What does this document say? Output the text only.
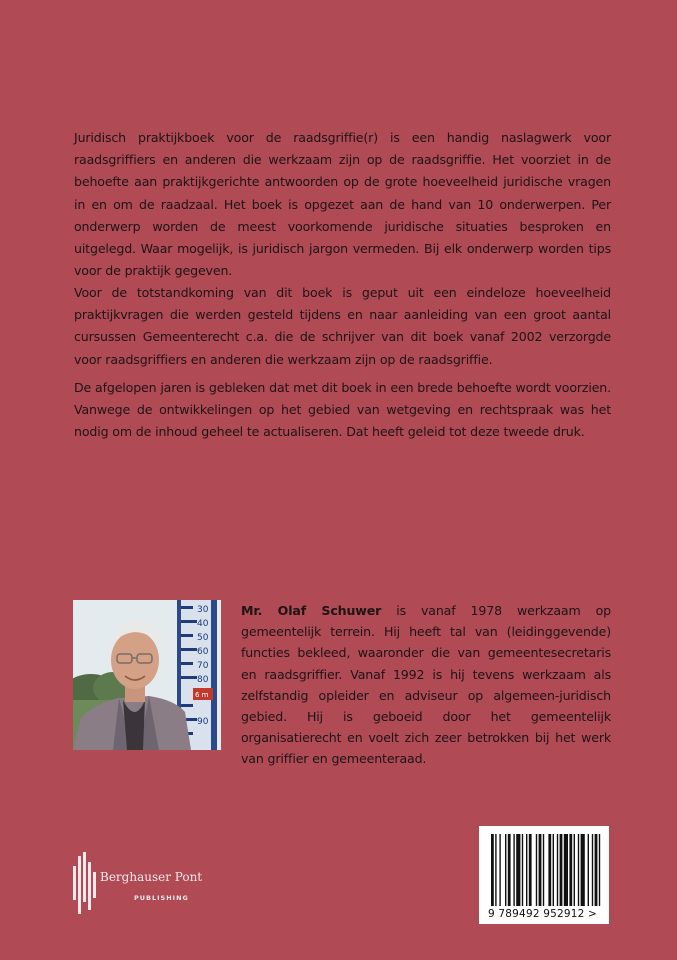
Juridisch praktijkboek voor de raadsgriffie(r) is een handig naslagwerk voor raadsgriffiers en anderen die werkzaam zijn op de raadsgriffie. Het voorziet in de behoefte aan praktijkgerichte antwoorden op de grote hoeveelheid juridische vragen in en om de raadzaal. Het boek is opgezet aan de hand van 10 onderwerpen. Per onderwerp worden de meest voorkomende juridische situaties besproken en uitgelegd. Waar mogelijk, is juridisch jargon vermeden. Bij elk onderwerp worden tips voor de praktijk gegeven.

Voor de totstandkoming van dit boek is geput uit een eindeloze hoeveelheid praktijkvragen die werden gesteld tijdens en naar aanleiding van een groot aantal cursussen Gemeenterecht c.a. die de schrijver van dit boek vanaf 2002 verzorgde voor raadsgriffiers en anderen die werkzaam zijn op de raadsgriffie.

De afgelopen jaren is gebleken dat met dit boek in een brede behoefte wordt voorzien. Vanwege de ontwikkelingen op het gebied van wetgeving en rechtspraak was het nodig om de inhoud geheel te actualiseren. Dat heeft geleid tot deze tweede druk.

30
40
50
60
70
80
90
6 m

Mr. Olaf Schuwer is vanaf 1978 werkzaam op gemeentelijk terrein. Hij heeft tal van (leidinggevende) functies bekleed, waaronder die van gemeentesecretaris en raadsgriffier. Vanaf 1992 is hij tevens werkzaam als zelfstandig opleider en adviseur op algemeen-juridisch gebied. Hij is geboeid door het gemeentelijk organisatierecht en voelt zich zeer betrokken bij het werk van griffier en gemeenteraad.

Berghauser Pont
PUBLISHING
9 789492 952912 >
